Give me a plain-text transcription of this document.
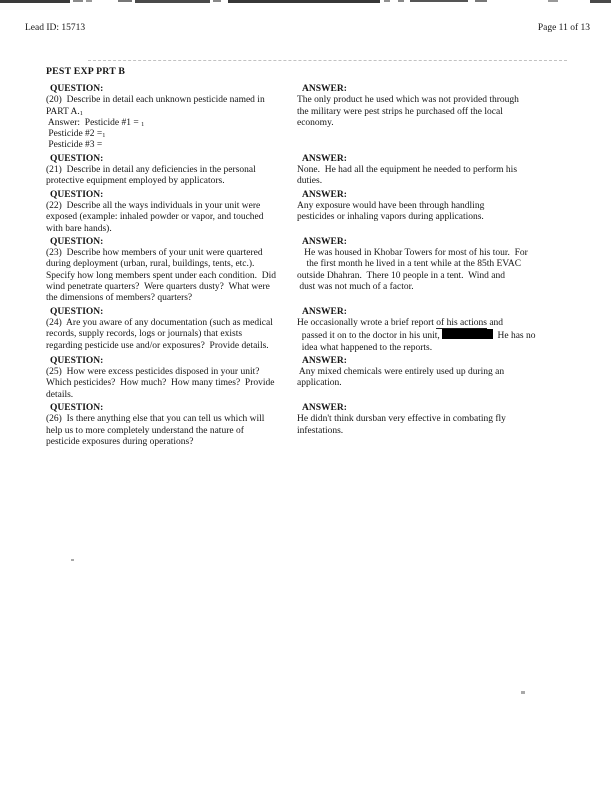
Lead ID: 15713	Page 11 of 13
PEST EXP PRT B
QUESTION:
(20)  Describe in detail each unknown pesticide named in
PART A.1
Answer:  Pesticide #1 = 1
Pesticide #2 =1
Pesticide #3 =
ANSWER:
The only product he used which was not provided through
the military were pest strips he purchased off the local
economy.
QUESTION:
(21)  Describe in detail any deficiencies in the personal
protective equipment employed by applicators.
ANSWER:
None.  He had all the equipment he needed to perform his
duties.
QUESTION:
(22)  Describe all the ways individuals in your unit were
exposed (example: inhaled powder or vapor, and touched
with bare hands).
ANSWER:
Any exposure would have been through handling
pesticides or inhaling vapors during applications.
QUESTION:
(23)  Describe how members of your unit were quartered
during deployment (urban, rural, buildings, tents, etc.).
Specify how long members spent under each condition.  Did
wind penetrate quarters?  Were quarters dusty?  What were
the dimensions of members? quarters?
ANSWER:
He was housed in Khobar Towers for most of his tour.  For
the first month he lived in a tent while at the 85th EVAC
outside Dhahran.  There 10 people in a tent.  Wind and
dust was not much of a factor.
QUESTION:
(24)  Are you aware of any documentation (such as medical
records, supply records, logs or journals) that exists
regarding pesticide use and/or exposures?  Provide details.
ANSWER:
He occasionally wrote a brief report of his actions and
passed it on to the doctor in his unit,	He has no
idea what happened to the reports.
QUESTION:
(25)  How were excess pesticides disposed in your unit?
Which pesticides?  How much?  How many times?  Provide
details.
ANSWER:
Any mixed chemicals were entirely used up during an
application.
QUESTION:
(26)  Is there anything else that you can tell us which will
help us to more completely understand the nature of
pesticide exposures during operations?
ANSWER:
He didn't think dursban very effective in combating fly
infestations.
